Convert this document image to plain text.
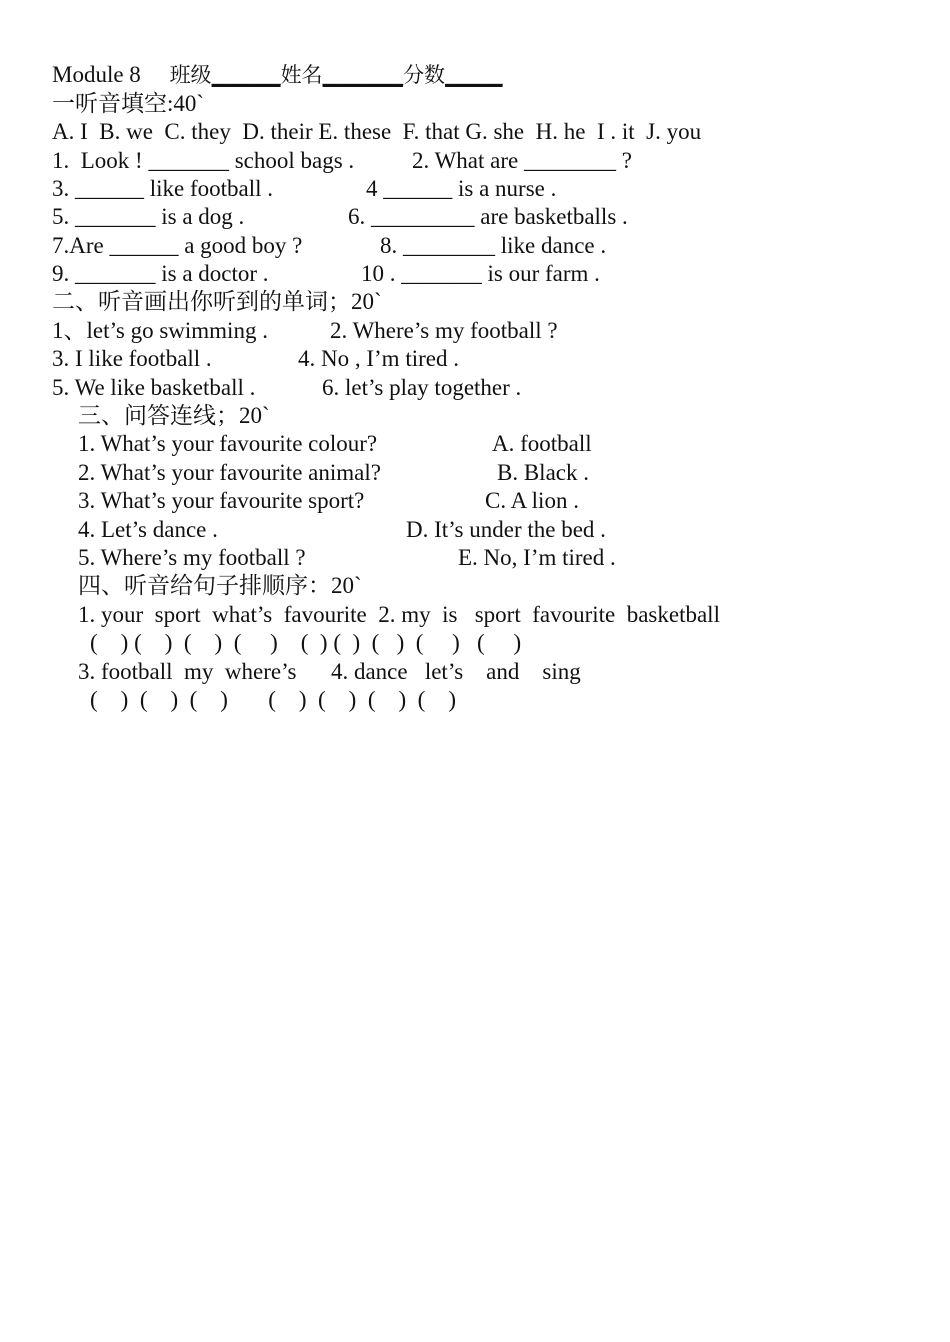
Module 8 班级______姓名_______分数_____
一听音填空:40`
A. I  B. we  C. they  D. their E. these  F. that G. she  H. he  I . it  J. you
1.  Look ! _______ school bags .	2. What are ________ ?
3. ______ like football .	4 ______ is a nurse .
5. _______ is a dog .	6. _________ are basketballs .
7.Are ______ a good boy ?	8. ________ like dance .
9. _______ is a doctor .	10 . _______ is our farm .
二、听音画出你听到的单词；20`
1、let’s go swimming .	2. Where’s my football ?
3. I like football .	4. No , I’m tired .
5. We like basketball .	6. let’s play together .
三、问答连线；20`
1. What’s your favourite colour?	A. football
2. What’s your favourite animal?	B. Black .
3. What’s your favourite sport?	C. A lion .
4. Let’s dance .	D. It’s under the bed .
5. Where’s my football ?	E. No, I’m tired .
四、听音给句子排顺序：20`
1. your  sport  what’s  favourite  2. my  is   sport  favourite  basketball
(    ) (    )  (    )  (     )    (  ) (  )  (   )  (     )   (     )
3. football  my  where’s      4. dance   let’s    and    sing
(    )  (    )  (    )       (    )  (    )  (    )  (    )
